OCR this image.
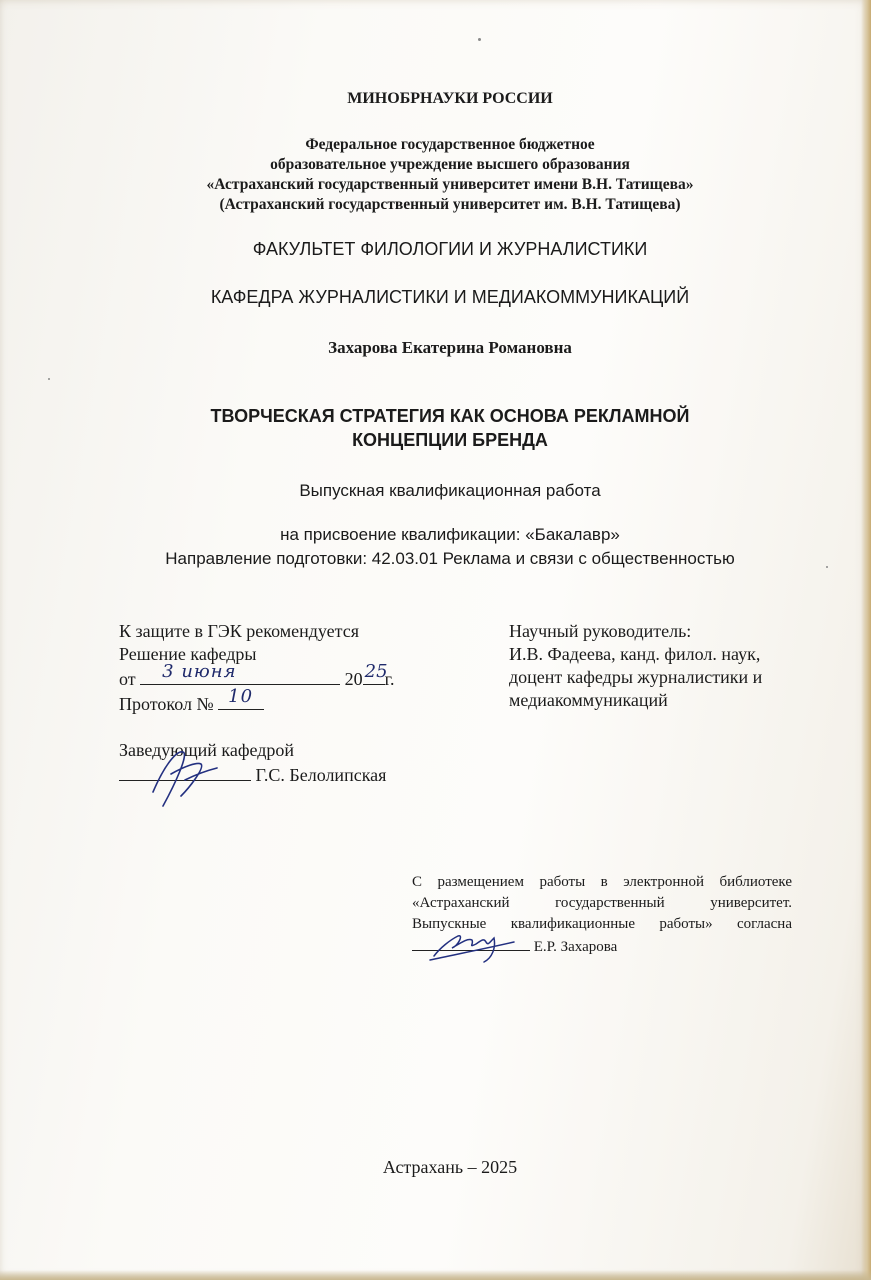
МИНОБРНАУКИ РОССИИ
Федеральное государственное бюджетное
образовательное учреждение высшего образования
«Астраханский государственный университет имени В.Н. Татищева»
(Астраханский государственный университет им. В.Н. Татищева)
ФАКУЛЬТЕТ ФИЛОЛОГИИ И ЖУРНАЛИСТИКИ
КАФЕДРА ЖУРНАЛИСТИКИ И МЕДИАКОММУНИКАЦИЙ
Захарова Екатерина Романовна
ТВОРЧЕСКАЯ СТРАТЕГИЯ КАК ОСНОВА РЕКЛАМНОЙ
КОНЦЕПЦИИ БРЕНДА
Выпускная квалификационная работа
на присвоение квалификации: «Бакалавр»
Направление подготовки: 42.03.01 Реклама и связи с общественностью
К защите в ГЭК рекомендуется
Решение кафедры
от 3 июня	20 25
г.
Протокол № 10
Заведующий кафедрой
Г.С. Белолипская
Научный руководитель:
И.В. Фадеева, канд. филол. наук,
доцент кафедры журналистики и
медиакоммуникаций
С размещением работы в электронной библиотеке
«Астраханский государственный университет.
Выпускные квалификационные работы» согласна
Е.Р. Захарова
Астрахань – 2025
